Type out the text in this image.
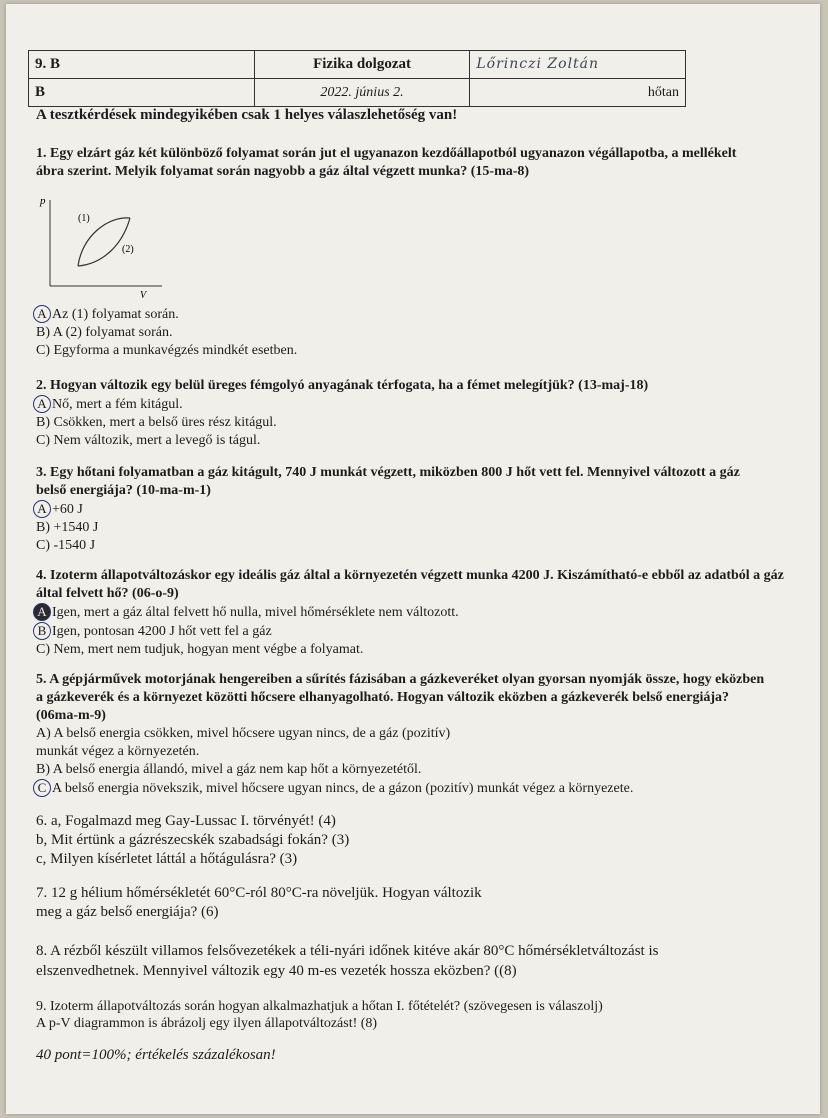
9. B	Fizika dolgozat	Lőrinczi Zoltán
B	2022. június 2.	hőtan
A tesztkérdések mindegyikében csak 1 helyes válaszlehetőség van!
1. Egy elzárt gáz két különböző folyamat során jut el ugyanazon kezdőállapotból ugyanazon végállapotba, a mellékelt ábra szerint. Melyik folyamat során nagyobb a gáz által végzett munka? (15-ma-8)
p
V
(1)
(2)
A Az (1) folyamat során.
B) A (2) folyamat során.
C) Egyforma a munkavégzés mindkét esetben.
2. Hogyan változik egy belül üreges fémgolyó anyagának térfogata, ha a fémet melegítjük? (13-maj-18)
A Nő, mert a fém kitágul.
B) Csökken, mert a belső üres rész kitágul.
C) Nem változik, mert a levegő is tágul.
3. Egy hőtani folyamatban a gáz kitágult, 740 J munkát végzett, miközben 800 J hőt vett fel. Mennyivel változott a gáz belső energiája? (10-ma-m-1)
A +60 J
B) +1540 J
C) -1540 J
4. Izoterm állapotváltozáskor egy ideális gáz által a környezetén végzett munka 4200 J. Kiszámítható-e ebből az adatból a gáz által felvett hő? (06-o-9)
A Igen, mert a gáz által felvett hő nulla, mivel hőmérséklete nem változott.
B Igen, pontosan 4200 J hőt vett fel a gáz
C) Nem, mert nem tudjuk, hogyan ment végbe a folyamat.
5. A gépjárművek motorjának hengereiben a sűrítés fázisában a gázkeveréket olyan gyorsan nyomják össze, hogy eközben a gázkeverék és a környezet közötti hőcsere elhanyagolható. Hogyan változik eközben a gázkeverék belső energiája? (06ma-m-9)
A) A belső energia csökken, mivel hőcsere ugyan nincs, de a gáz (pozitív)
munkát végez a környezetén.
B) A belső energia állandó, mivel a gáz nem kap hőt a környezetétől.
C A belső energia növekszik, mivel hőcsere ugyan nincs, de a gázon (pozitív) munkát végez a környezete.
6. a, Fogalmazd meg Gay-Lussac I. törvényét! (4)
b, Mit értünk a gázrészecskék szabadsági fokán? (3)
c, Milyen kísérletet láttál a hőtágulásra? (3)
7. 12 g hélium hőmérsékletét 60°C-ról 80°C-ra növeljük. Hogyan változik
meg a gáz belső energiája? (6)
8. A rézből készült villamos felsővezetékek a téli-nyári időnek kitéve akár 80°C hőmérsékletváltozást is elszenvedhetnek. Mennyivel változik egy 40 m-es vezeték hossza eközben? ((8)
9. Izoterm állapotváltozás során hogyan alkalmazhatjuk a hőtan I. főtételét? (szövegesen is válaszolj)
A p-V diagrammon is ábrázolj egy ilyen állapotváltozást! (8)
40 pont=100%; értékelés százalékosan!
